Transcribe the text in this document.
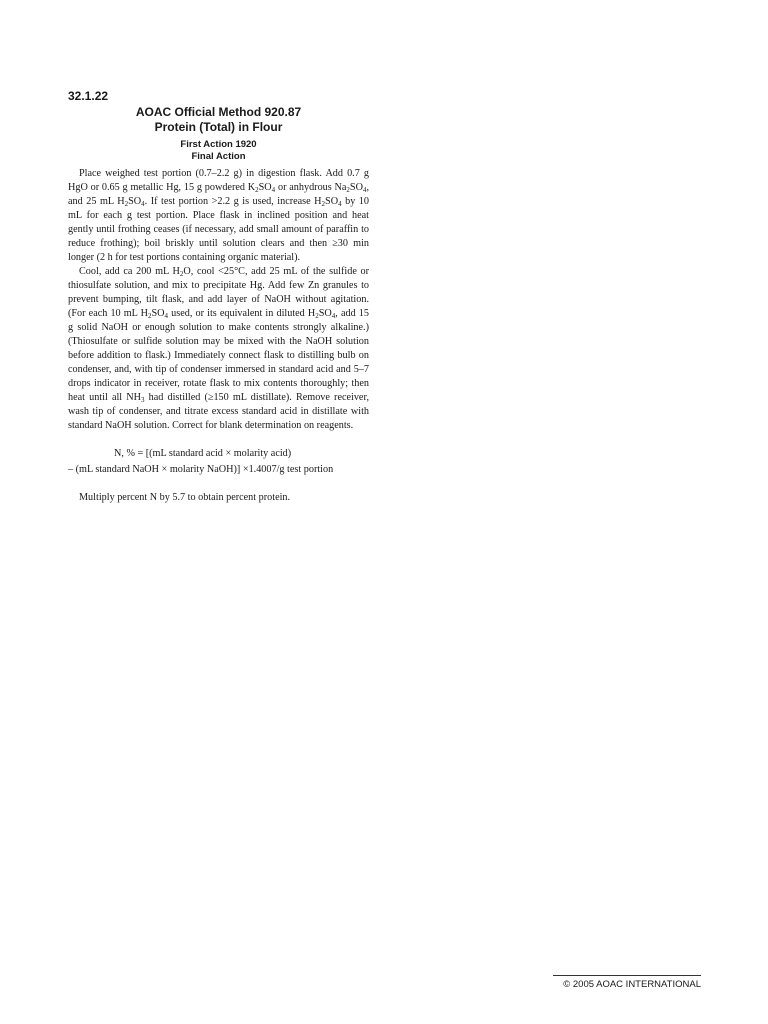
32.1.22

AOAC Official Method 920.87

Protein (Total) in Flour

First Action 1920

Final Action

Place weighed test portion (0.7–2.2 g) in digestion flask. Add 0.7 g HgO or 0.65 g metallic Hg, 15 g powdered $K_2SO_4$ or anhydrous $Na_2SO_4$, and 25 mL $H_2SO_4$. If test portion >2.2 g is used, increase $H_2SO_4$ by 10 mL for each g test portion. Place flask in inclined position and heat gently until frothing ceases (if necessary, add small amount of paraffin to reduce frothing); boil briskly until solution clears and then ≥30 min longer (2 h for test portions containing organic material).

Cool, add ca 200 mL $H_2O$, cool <25°C, add 25 mL of the sulfide or thiosulfate solution, and mix to precipitate Hg. Add few Zn granules to prevent bumping, tilt flask, and add layer of NaOH without agitation. (For each 10 mL $H_2SO_4$ used, or its equivalent in diluted $H_2SO_4$, add 15 g solid NaOH or enough solution to make contents strongly alkaline.) (Thiosulfate or sulfide solution may be mixed with the NaOH solution before addition to flask.) Immediately connect flask to distilling bulb on condenser, and, with tip of condenser immersed in standard acid and 5–7 drops indicator in receiver, rotate flask to mix contents thoroughly; then heat until all $NH_3$ had distilled (≥150 mL distillate). Remove receiver, wash tip of condenser, and titrate excess standard acid in distillate with standard NaOH solution. Correct for blank determination on reagents.

N, % = [(mL standard acid × molarity acid)
– (mL standard NaOH × molarity NaOH)] ×1.4007/g test portion

Multiply percent N by 5.7 to obtain percent protein.

© 2005 AOAC INTERNATIONAL
